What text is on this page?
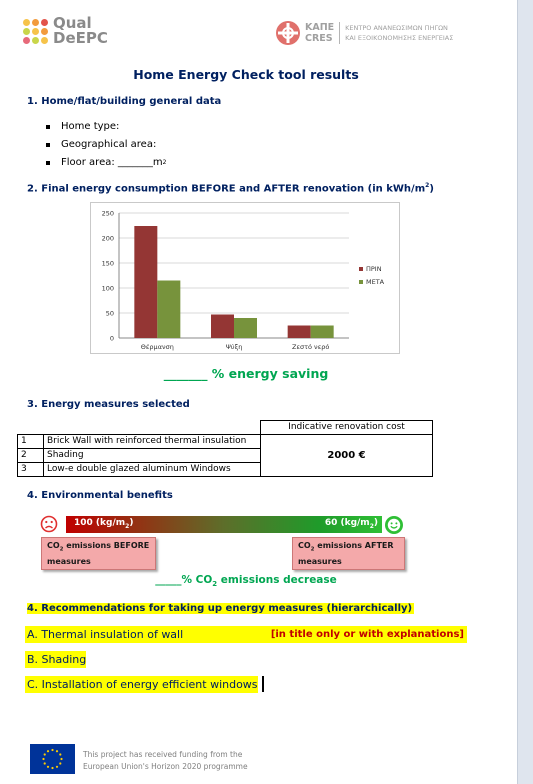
Qual
DeEPC
ΚΑΠΕ
CRES
ΚΕΝΤΡΟ ΑΝΑΝΕΩΣΙΜΩΝ ΠΗΓΩΝ
ΚΑΙ ΕΞΟΙΚΟΝΟΜΗΣΗΣ ΕΝΕΡΓΕΙΑΣ
Home Energy Check tool results
1. Home/flat/building general data
Home type:
Geographical area:
Floor area: _______m 2
2. Final energy consumption BEFORE and AFTER renovation (in kWh/$m^2$)
0
50
100
150
200
250
Θέρμανση	Ψύξη	Ζεστό νερό
ΠΡΙΝ
ΜΕΤΑ
_______ % energy saving
3. Energy measures selected
		Indicative renovation cost
1	Brick Wall with reinforced thermal insulation	2000 €
2	Shading	
3	Low-e double glazed aluminum Windows	
4. Environmental benefits
100 $(kg/m_2)$	60 $(kg/m_2)$
$CO_2$ emissions BEFORE measures
$CO_2$ emissions AFTER measures
_____% $CO_2$ emissions decrease
4. Recommendations for taking up energy measures (hierarchically)
A. Thermal insulation of wall	[in title only or with explanations]
B. Shading
C. Installation of energy efficient windows
This project has received funding from the
European Union's Horizon 2020 programme
